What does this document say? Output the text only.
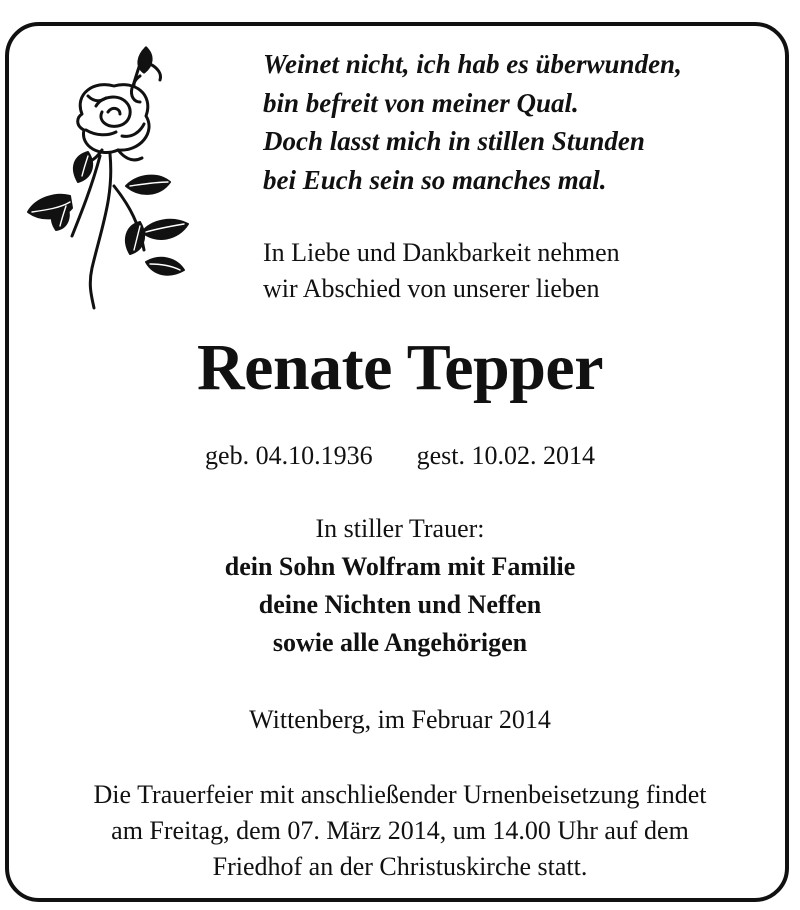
Weinet nicht, ich hab es überwunden,
bin befreit von meiner Qual.
Doch lasst mich in stillen Stunden
bei Euch sein so manches mal.
In Liebe und Dankbarkeit nehmen
wir Abschied von unserer lieben
Renate Tepper
geb. 04.10.1936 gest. 10.02. 2014
In stiller Trauer:
dein Sohn Wolfram mit Familie
deine Nichten und Neffen
sowie alle Angehörigen
Wittenberg, im Februar 2014
Die Trauerfeier mit anschließender Urnenbeisetzung findet
am Freitag, dem 07. März 2014, um 14.00 Uhr auf dem
Friedhof an der Christuskirche statt.
